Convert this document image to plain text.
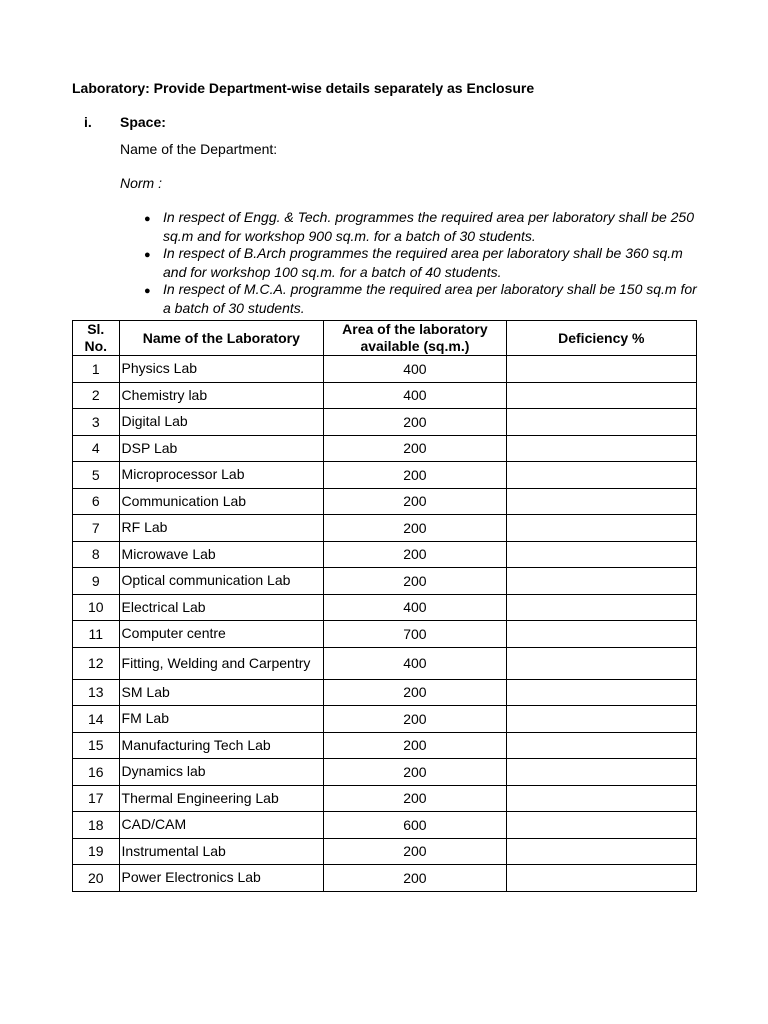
Laboratory: Provide Department-wise details separately as Enclosure
i. Space:
Name of the Department:
Norm :
● In respect of Engg. & Tech. programmes the required area per laboratory shall be 250 sq.m and for workshop 900 sq.m. for a batch of 30 students.
● In respect of B.Arch programmes the required area per laboratory shall be 360 sq.m and for workshop 100 sq.m. for a batch of 40 students.
● In respect of M.C.A. programme the required area per laboratory shall be 150 sq.m for a batch of 30 students.
Sl. No.	Name of the Laboratory	Area of the laboratory available (sq.m.)	Deficiency %
1	Physics Lab	400	
2	Chemistry lab	400	
3	Digital Lab	200	
4	DSP Lab	200	
5	Microprocessor Lab	200	
6	Communication Lab	200	
7	RF Lab	200	
8	Microwave Lab	200	
9	Optical communication Lab	200	
10	Electrical Lab	400	
11	Computer centre	700	
12	Fitting, Welding and Carpentry	400	
13	SM Lab	200	
14	FM Lab	200	
15	Manufacturing Tech Lab	200	
16	Dynamics lab	200	
17	Thermal Engineering Lab	200	
18	CAD/CAM	600	
19	Instrumental Lab	200	
20	Power Electronics Lab	200	
